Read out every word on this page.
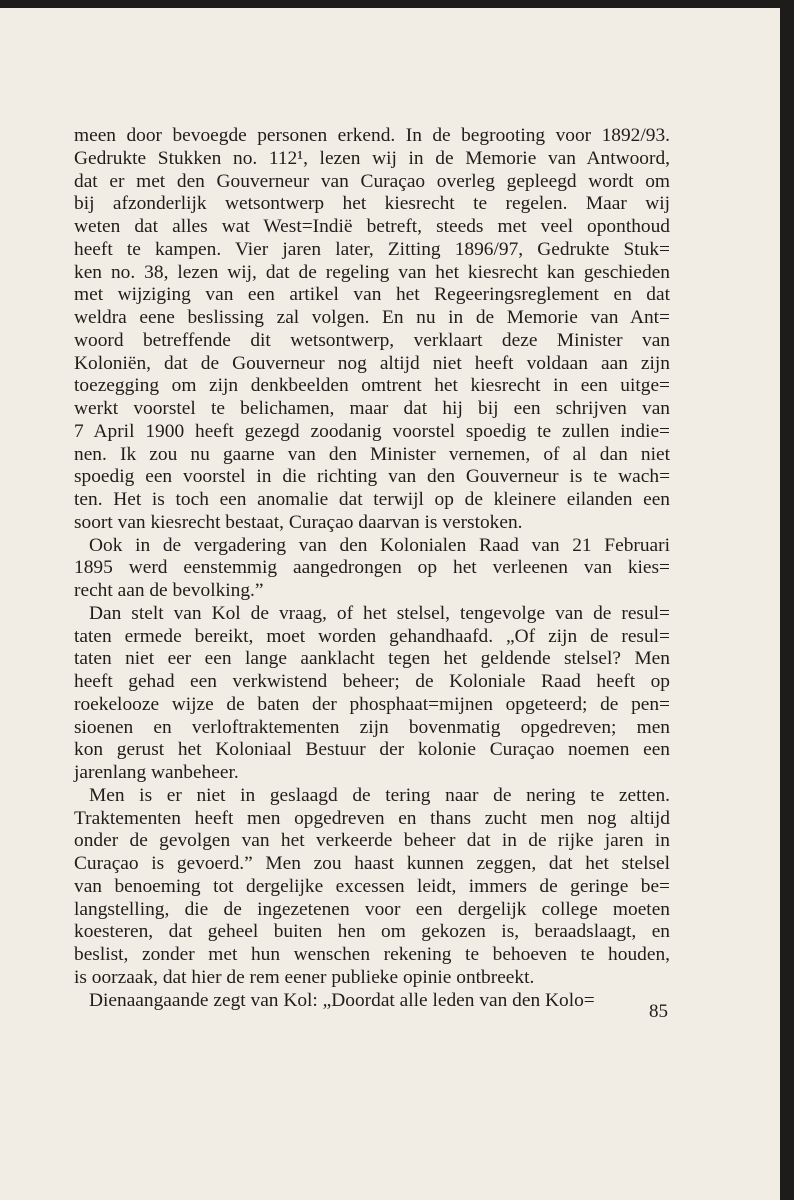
meen door bevoegde personen erkend. In de begrooting voor 1892/93.
Gedrukte Stukken no. 112¹, lezen wij in de Memorie van Antwoord,
dat er met den Gouverneur van Curaçao overleg gepleegd wordt om
bij afzonderlijk wetsontwerp het kiesrecht te regelen. Maar wij
weten dat alles wat West=Indië betreft, steeds met veel oponthoud
heeft te kampen. Vier jaren later, Zitting 1896/97, Gedrukte Stuk=
ken no. 38, lezen wij, dat de regeling van het kiesrecht kan geschieden
met wijziging van een artikel van het Regeeringsreglement en dat
weldra eene beslissing zal volgen. En nu in de Memorie van Ant=
woord betreffende dit wetsontwerp, verklaart deze Minister van
Koloniën, dat de Gouverneur nog altijd niet heeft voldaan aan zijn
toezegging om zijn denkbeelden omtrent het kiesrecht in een uitge=
werkt voorstel te belichamen, maar dat hij bij een schrijven van
7 April 1900 heeft gezegd zoodanig voorstel spoedig te zullen indie=
nen. Ik zou nu gaarne van den Minister vernemen, of al dan niet
spoedig een voorstel in die richting van den Gouverneur is te wach=
ten. Het is toch een anomalie dat terwijl op de kleinere eilanden een
soort van kiesrecht bestaat, Curaçao daarvan is verstoken.
Ook in de vergadering van den Kolonialen Raad van 21 Februari
1895 werd eenstemmig aangedrongen op het verleenen van kies=
recht aan de bevolking.”
Dan stelt van Kol de vraag, of het stelsel, tengevolge van de resul=
taten ermede bereikt, moet worden gehandhaafd. „Of zijn de resul=
taten niet eer een lange aanklacht tegen het geldende stelsel? Men
heeft gehad een verkwistend beheer; de Koloniale Raad heeft op
roekelooze wijze de baten der phosphaat=mijnen opgeteerd; de pen=
sioenen en verloftraktementen zijn bovenmatig opgedreven; men
kon gerust het Koloniaal Bestuur der kolonie Curaçao noemen een
jarenlang wanbeheer.
Men is er niet in geslaagd de tering naar de nering te zetten.
Traktementen heeft men opgedreven en thans zucht men nog altijd
onder de gevolgen van het verkeerde beheer dat in de rijke jaren in
Curaçao is gevoerd.” Men zou haast kunnen zeggen, dat het stelsel
van benoeming tot dergelijke excessen leidt, immers de geringe be=
langstelling, die de ingezetenen voor een dergelijk college moeten
koesteren, dat geheel buiten hen om gekozen is, beraadslaagt, en
beslist, zonder met hun wenschen rekening te behoeven te houden,
is oorzaak, dat hier de rem eener publieke opinie ontbreekt.
Dienaangaande zegt van Kol: „Doordat alle leden van den Kolo=
85
